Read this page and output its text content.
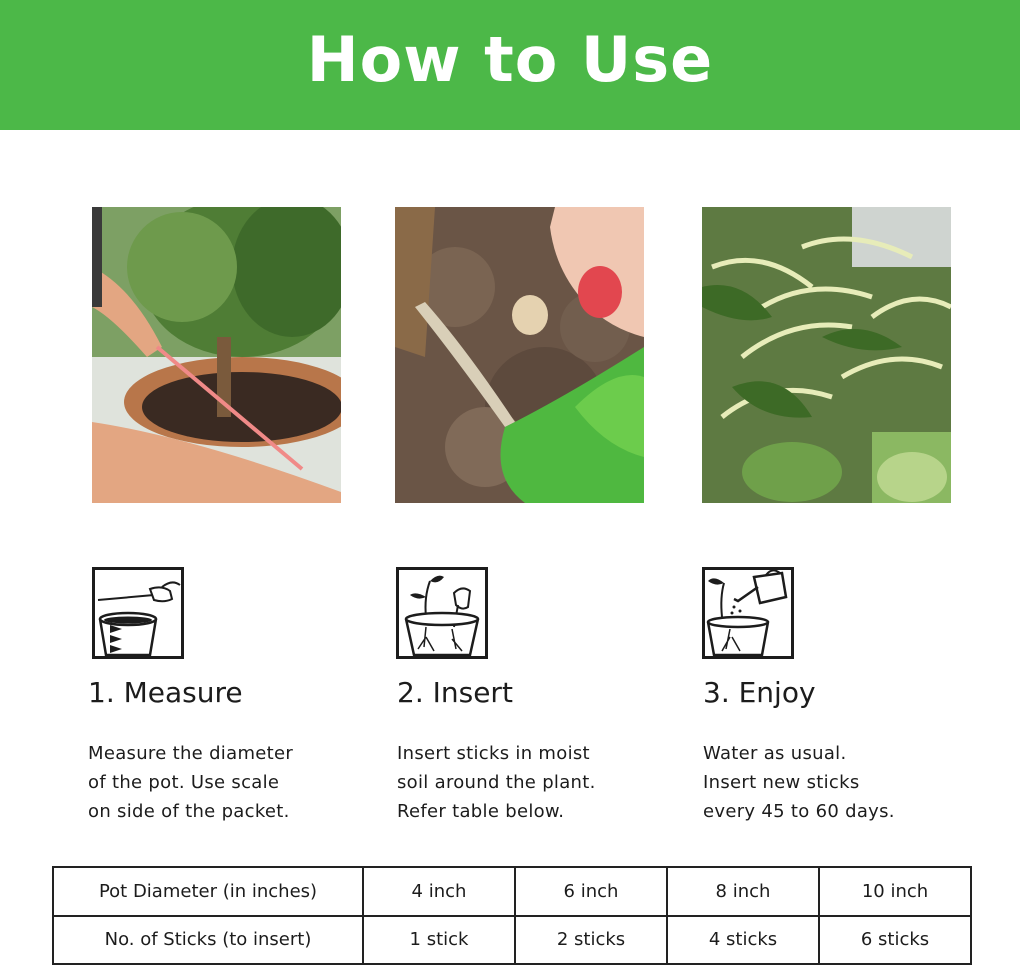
How to Use
1. Measure	2. Insert	3. Enjoy

Measure the diameter
of the pot. Use scale
on side of the packet.

Insert sticks in moist
soil around the plant.
Refer table below.

Water as usual.
Insert new sticks
every 45 to 60 days.

Pot Diameter (in inches)	4 inch	6 inch	8 inch	10 inch
No. of Sticks (to insert)	1 stick	2 sticks	4 sticks	6 sticks
